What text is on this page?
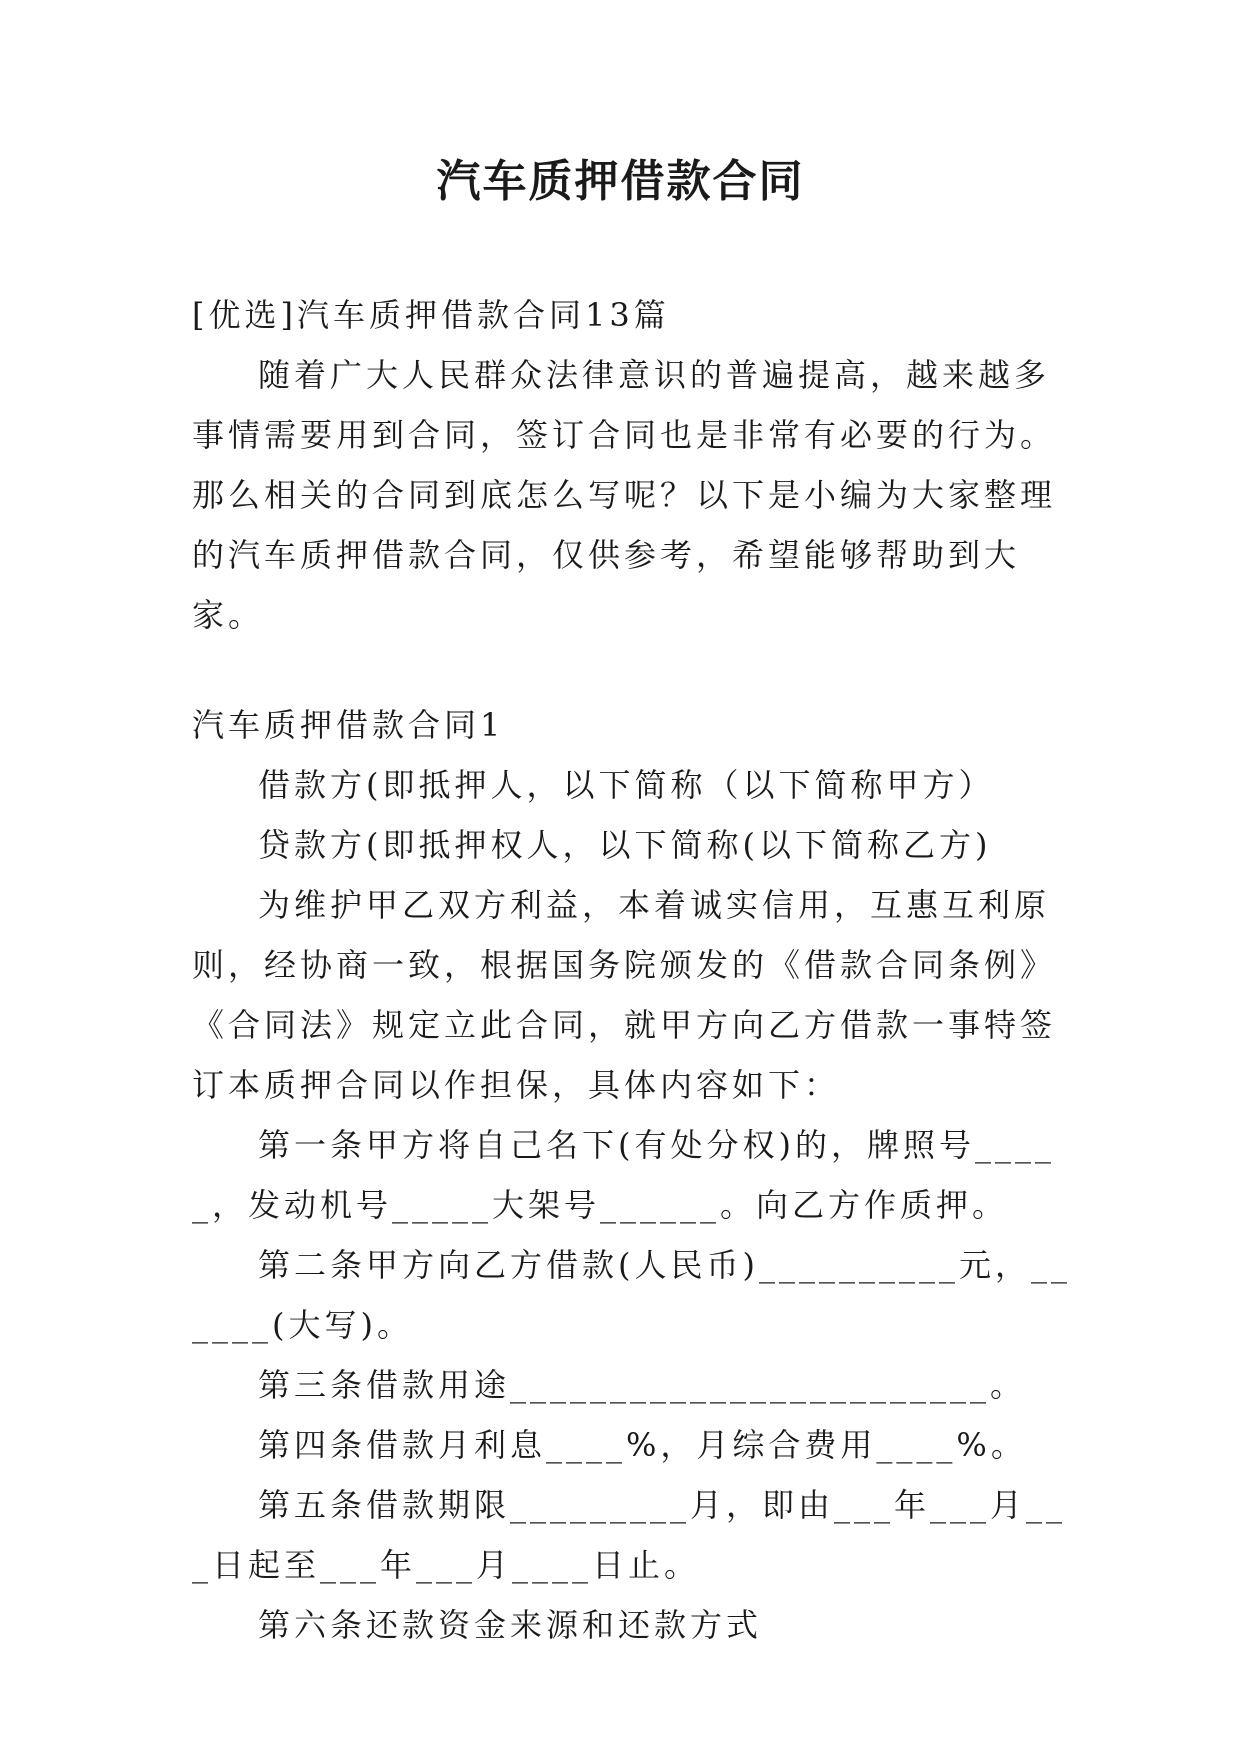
汽车质押借款合同

[优选]汽车质押借款合同13篇

随着广大人民群众法律意识的普遍提高，越来越多事情需要用到合同，签订合同也是非常有必要的行为。那么相关的合同到底怎么写呢？以下是小编为大家整理的汽车质押借款合同，仅供参考，希望能够帮助到大家。

汽车质押借款合同1

借款方(即抵押人，以下简称（以下简称甲方）

贷款方(即抵押权人，以下简称(以下简称乙方)

为维护甲乙双方利益，本着诚实信用，互惠互利原则，经协商一致，根据国务院颁发的《借款合同条例》《合同法》规定立此合同，就甲方向乙方借款一事特签订本质押合同以作担保，具体内容如下：

第一条甲方将自己名下(有处分权)的，牌照号_____，发动机号_____大架号______。向乙方作质押。

第二条甲方向乙方借款(人民币)__________元，______(大写)。

第三条借款用途________________________。

第四条借款月利息____%，月综合费用____%。

第五条借款期限_________月，即由___年___月___日起至___年___月____日止。

第六条还款资金来源和还款方式
